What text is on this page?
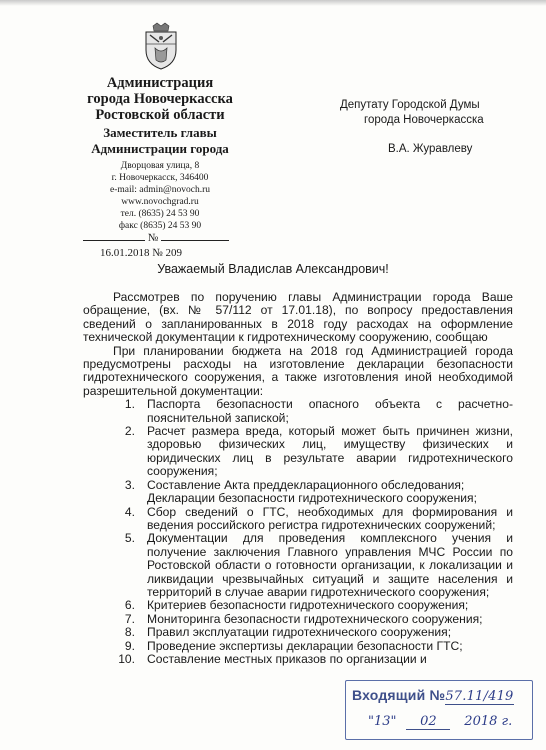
Администрация
города Новочеркасска
Ростовской области
Заместитель главы
Администрации города
Дворцовая улица, 8
г. Новочеркасск, 346400
e-mail: admin@novoch.ru
www.novochgrad.ru
тел. (8635) 24 53 90
факс (8635) 24 53 90
№
16.01.2018 № 209
Депутату Городской Думы
города Новочеркасска
В.А. Журавлеву
Уважаемый Владислав Александрович!

Рассмотрев по поручению главы Администрации города Ваше обращение, (вх. № 57/112 от 17.01.18), по вопросу предоставления сведений о запланированных в 2018 году расходах на оформление технической документации к гидротехническому сооружению, сообщаю

При планировании бюджета на 2018 год Администрацией города предусмотрены расходы на изготовление декларации безопасности гидротехнического сооружения, а также изготовления иной необходимой разрешительной документации:

1. Паспорта безопасности опасного объекта с расчетно-пояснительной запиской;
2. Расчет размера вреда, который может быть причинен жизни, здоровью физических лиц, имуществу физических и юридических лиц в результате аварии гидротехнического сооружения;
3. Составление Акта преддекларационного обследования;
Декларации безопасности гидротехнического сооружения;
4. Сбор сведений о ГТС, необходимых для формирования и ведения российского регистра гидротехнических сооружений;
5. Документации для проведения комплексного учения и получение заключения Главного управления МЧС России по Ростовской области о готовности организации, к локализации и ликвидации чрезвычайных ситуаций и защите населения и территорий в случае аварии гидротехнического сооружения;
6. Критериев безопасности гидротехнического сооружения;
7. Мониторинга безопасности гидротехнического сооружения;
8. Правил эксплуатации гидротехнического сооружения;
9. Проведение экспертизы декларации безопасности ГТС;
10. Составление местных приказов по организации и
Входящий №57.11/419
"13" 02 2018 г.
